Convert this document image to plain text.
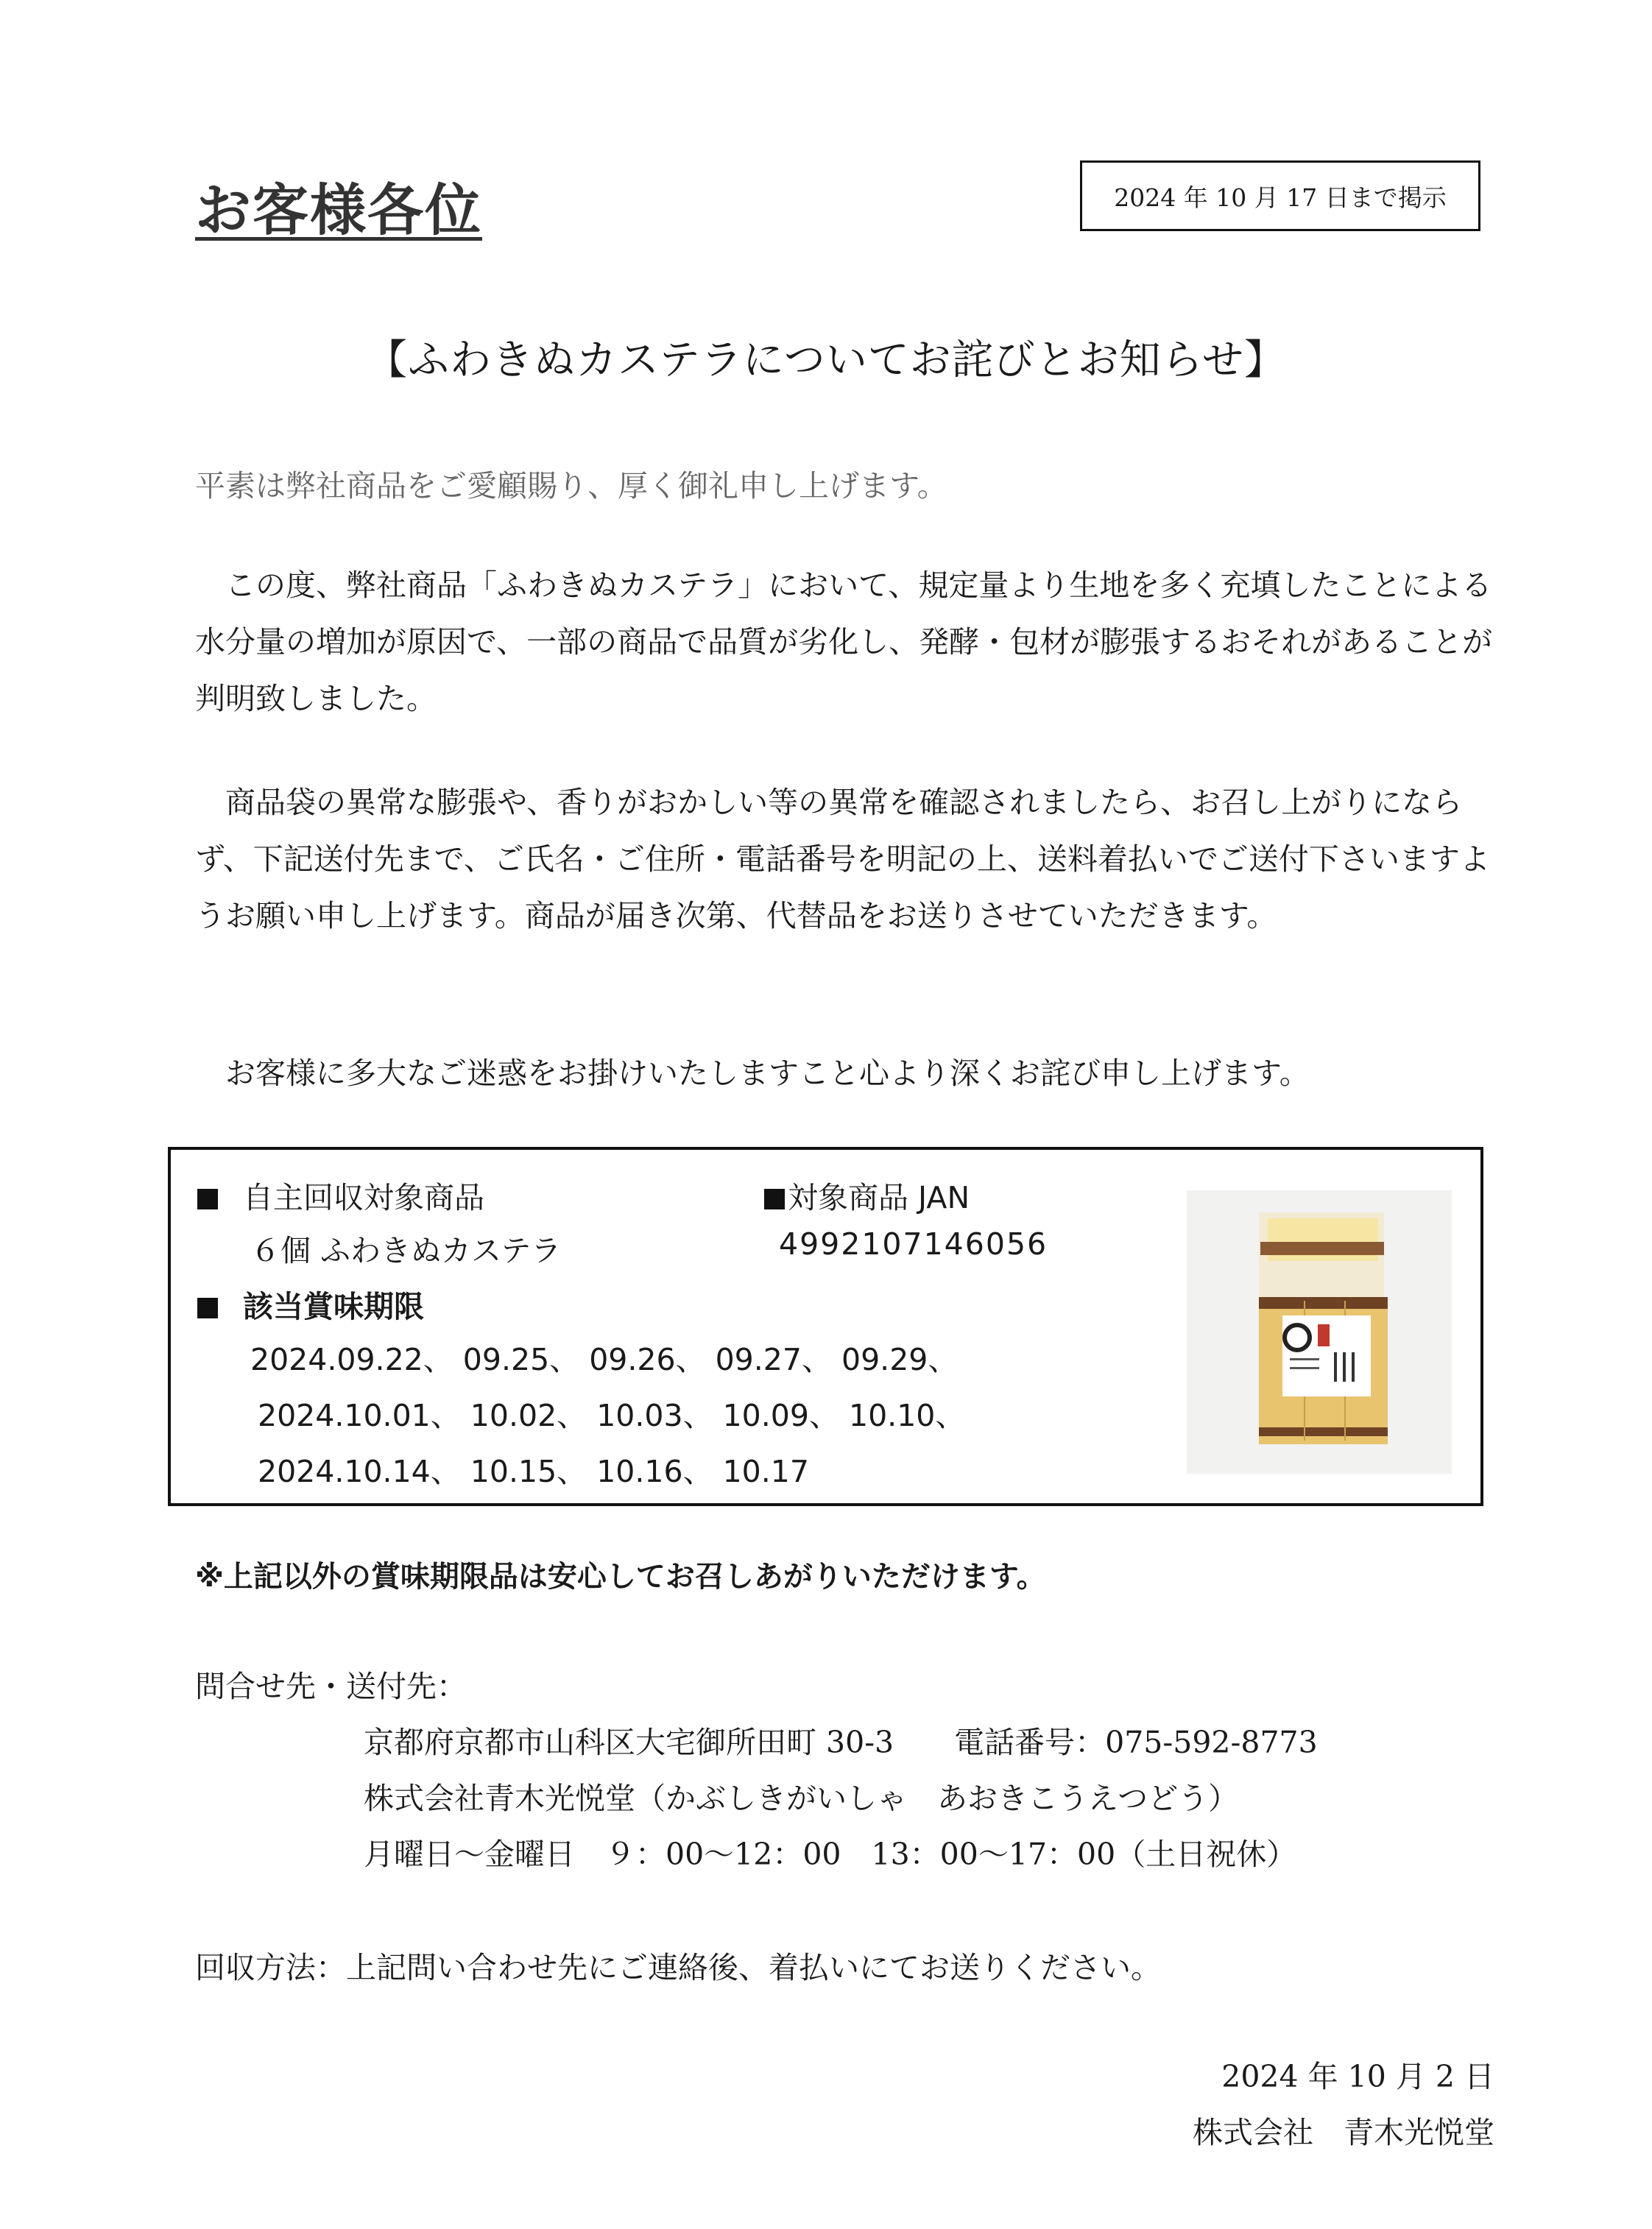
お客様各位	2024 年 10 月 17 日まで掲示
【ふわきぬカステラについてお詫びとお知らせ】
平素は弊社商品をご愛顧賜り、厚く御礼申し上げます。
この度、弊社商品「ふわきぬカステラ」において、規定量より生地を多く充填したことによる水分量の増加が原因で、一部の商品で品質が劣化し、発酵・包材が膨張するおそれがあることが判明致しました。
商品袋の異常な膨張や、香りがおかしい等の異常を確認されましたら、お召し上がりにならず、下記送付先まで、ご氏名・ご住所・電話番号を明記の上、送料着払いでご送付下さいますようお願い申し上げます。商品が届き次第、代替品をお送りさせていただきます。
お客様に多大なご迷惑をお掛けいたしますこと心より深くお詫び申し上げます。
自主回収対象商品
６個 ふわきぬカステラ
対象商品 JAN
4992107146056
該当賞味期限
2024.09.22、 09.25、 09.26、 09.27、 09.29、
2024.10.01、 10.02、 10.03、 10.09、 10.10、
2024.10.14、 10.15、 10.16、 10.17
※上記以外の賞味期限品は安心してお召しあがりいただけます。
問合せ先・送付先：
京都府京都市山科区大宅御所田町 30-3　　電話番号：075-592-8773
株式会社青木光悦堂（かぶしきがいしゃ　あおきこうえつどう）
月曜日～金曜日　９：00～12：00　13：00～17：00（土日祝休）
回収方法：上記問い合わせ先にご連絡後、着払いにてお送りください。
2024 年 10 月 2 日
株式会社　青木光悦堂
